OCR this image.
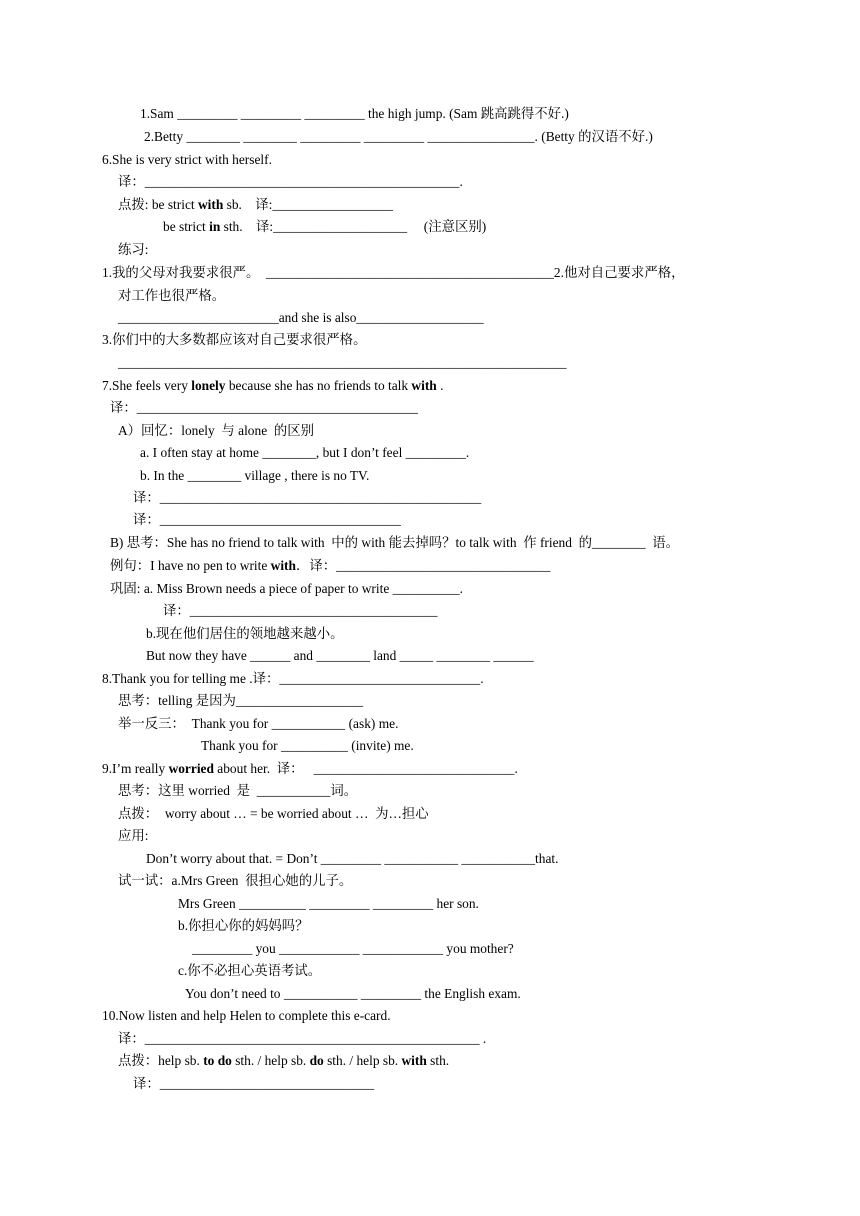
1.Sam _________ _________ _________ the high jump. (Sam 跳高跳得不好.)
2.Betty ________ ________ _________ _________ ________________. (Betty 的汉语不好.)
6.She is very strict with herself.
译：_______________________________________________.
点拨: be strict with sb.    译:__________________
be strict in sth.    译:____________________     (注意区别)
练习:
1.我的父母对我要求很严。  ___________________________________________2.他对自己要求严格，
对工作也很严格。
________________________and she is also___________________
3.你们中的大多数都应该对自己要求很严格。
___________________________________________________________________
7.She feels very lonely because she has no friends to talk with .
译：__________________________________________
A）回忆：lonely  与 alone  的区别
a. I often stay at home ________, but I don’t feel _________.
b. In the ________ village , there is no TV.
译：________________________________________________
译：____________________________________
B) 思考：She has no friend to talk with  中的 with 能去掉吗？to talk with  作 friend  的________  语。
例句：I have no pen to write with．译：________________________________
巩固: a. Miss Brown needs a piece of paper to write __________.
译：_____________________________________
b.现在他们居住的领地越来越小。
But now they have ______ and ________ land _____ ________ ______
8.Thank you for telling me .译：______________________________.
思考：telling 是因为___________________
举一反三：  Thank you for ___________ (ask) me.
Thank you for __________ (invite) me.
9.I’m really worried about her.  译：   ______________________________.
思考：这里 worried  是  ___________词。
点拨：  worry about … = be worried about …  为…担心
应用:
Don’t worry about that. = Don’t _________ ___________ ___________that.
试一试：a.Mrs Green  很担心她的儿子。
Mrs Green __________ _________ _________ her son.
b.你担心你的妈妈吗？
_________ you ____________ ____________ you mother?
c.你不必担心英语考试。
You don’t need to ___________ _________ the English exam.
10.Now listen and help Helen to complete this e-card.
译：__________________________________________________ .
点拨：help sb. to do sth. / help sb. do sth. / help sb. with sth.
译：________________________________
